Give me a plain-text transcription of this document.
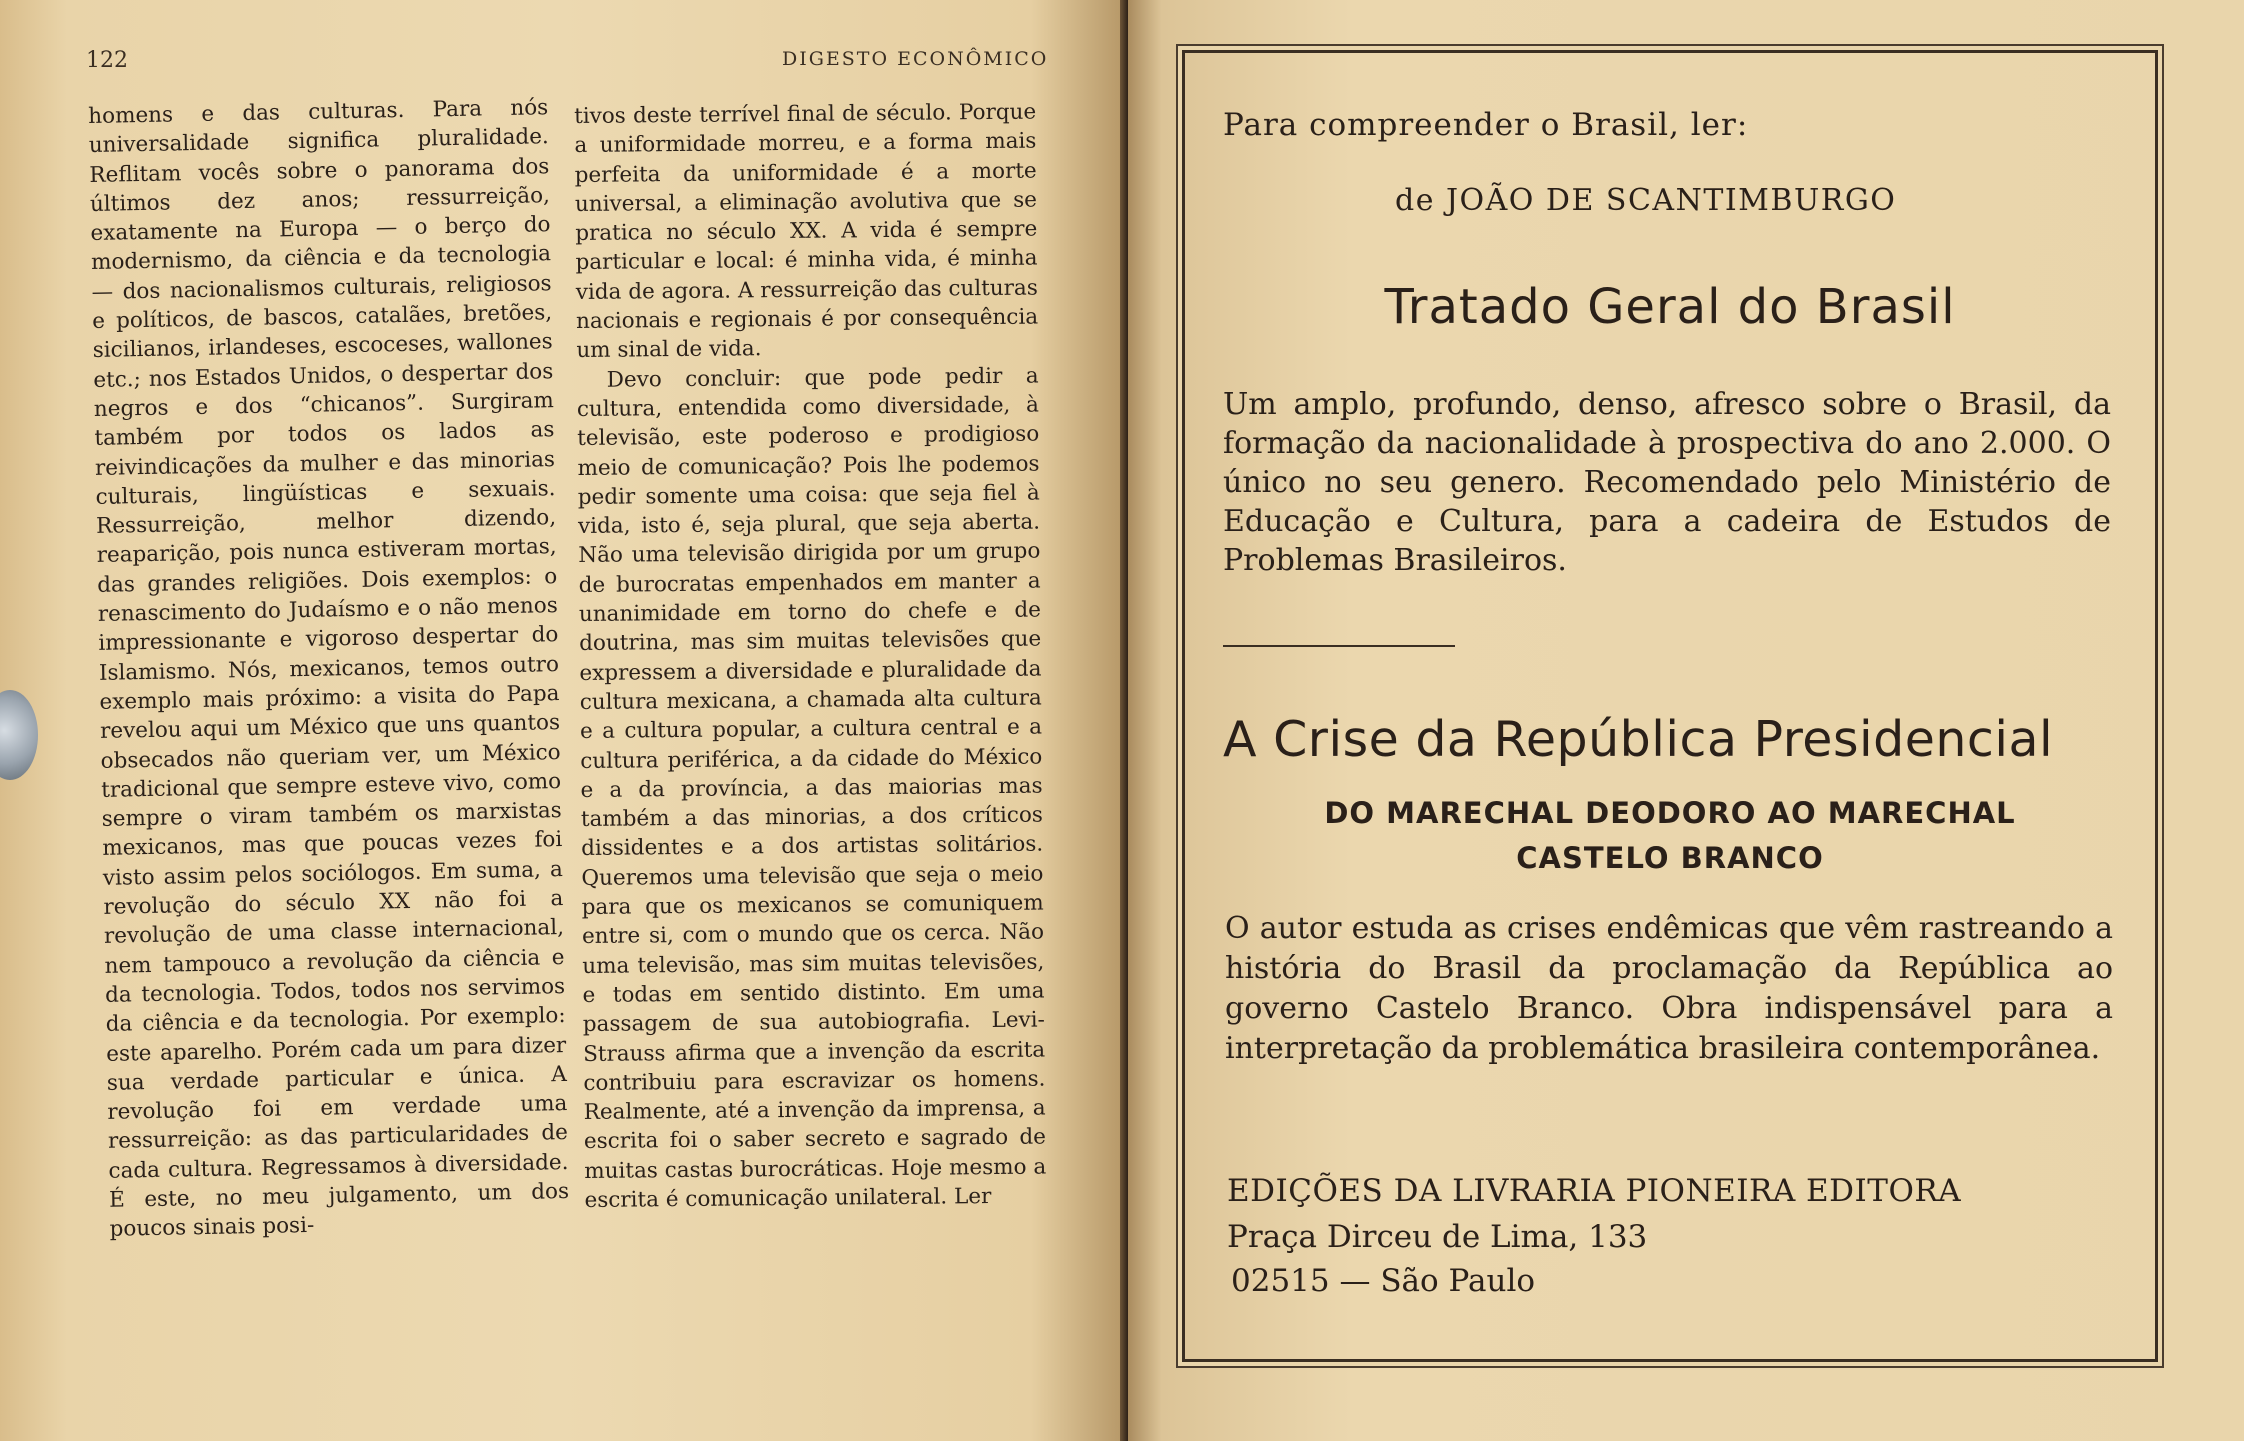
122	DIGESTO ECONÔMICO

homens e das culturas. Para nós universalidade significa pluralidade. Reflitam vocês sobre o panorama dos últimos dez anos; ressurreição, exatamente na Europa — o berço do modernismo, da ciência e da tecnologia — dos nacionalismos culturais, religiosos e políticos, de bascos, catalães, bretões, sicilianos, irlandeses, escoceses, wallones etc.; nos Estados Unidos, o despertar dos negros e dos “chicanos”. Surgiram também por todos os lados as reivindicações da mulher e das minorias culturais, lingüísticas e sexuais. Ressurreição, melhor dizendo, reaparição, pois nunca estiveram mortas, das grandes religiões. Dois exemplos: o renascimento do Judaísmo e o não menos impressionante e vigoroso despertar do Islamismo. Nós, mexicanos, temos outro exemplo mais próximo: a visita do Papa revelou aqui um México que uns quantos obsecados não queriam ver, um México tradicional que sempre esteve vivo, como sempre o viram também os marxistas mexicanos, mas que poucas vezes foi visto assim pelos sociólogos. Em suma, a revolução do século XX não foi a revolução de uma classe internacional, nem tampouco a revolução da ciência e da tecnologia. Todos, todos nos servimos da ciência e da tecnologia. Por exemplo: este aparelho. Porém cada um para dizer sua verdade particular e única. A revolução foi em verdade uma ressurreição: as das particularidades de cada cultura. Regressamos à diversidade. É este, no meu julgamento, um dos poucos sinais posi-

tivos deste terrível final de século. Porque a uniformidade morreu, e a forma mais perfeita da uniformidade é a morte universal, a eliminação avolutiva que se pratica no século XX. A vida é sempre particular e local: é minha vida, é minha vida de agora. A ressurreição das culturas nacionais e regionais é por consequência um sinal de vida.

Devo concluir: que pode pedir a cultura, entendida como diversidade, à televisão, este poderoso e prodigioso meio de comunicação? Pois lhe podemos pedir somente uma coisa: que seja fiel à vida, isto é, seja plural, que seja aberta. Não uma televisão dirigida por um grupo de burocratas empenhados em manter a unanimidade em torno do chefe e de doutrina, mas sim muitas televisões que expressem a diversidade e pluralidade da cultura mexicana, a chamada alta cultura e a cultura popular, a cultura central e a cultura periférica, a da cidade do México e a da província, a das maiorias mas também a das minorias, a dos críticos dissidentes e a dos artistas solitários. Queremos uma televisão que seja o meio para que os mexicanos se comuniquem entre si, com o mundo que os cerca. Não uma televisão, mas sim muitas televisões, e todas em sentido distinto. Em uma passagem de sua autobiografia. Levi-Strauss afirma que a invenção da escrita contribuiu para escravizar os homens. Realmente, até a invenção da imprensa, a escrita foi o saber secreto e sagrado de muitas castas burocráticas. Hoje mesmo a escrita é comunicação unilateral. Ler

Para compreender o Brasil, ler:
de JOÃO DE SCANTIMBURGO
Tratado Geral do Brasil
Um amplo, profundo, denso, afresco sobre o Brasil, da formação da nacionalidade à prospectiva do ano 2.000. O único no seu genero. Recomendado pelo Ministério de Educação e Cultura, para a cadeira de Estudos de Problemas Brasileiros.
A Crise da República Presidencial
DO MARECHAL DEODORO AO MARECHAL
CASTELO BRANCO
O autor estuda as crises endêmicas que vêm rastreando a história do Brasil da proclamação da República ao governo Castelo Branco. Obra indispensável para a interpretação da problemática brasileira contemporânea.
EDIÇÕES DA LIVRARIA PIONEIRA EDITORA
Praça Dirceu de Lima, 133
02515 — São Paulo
